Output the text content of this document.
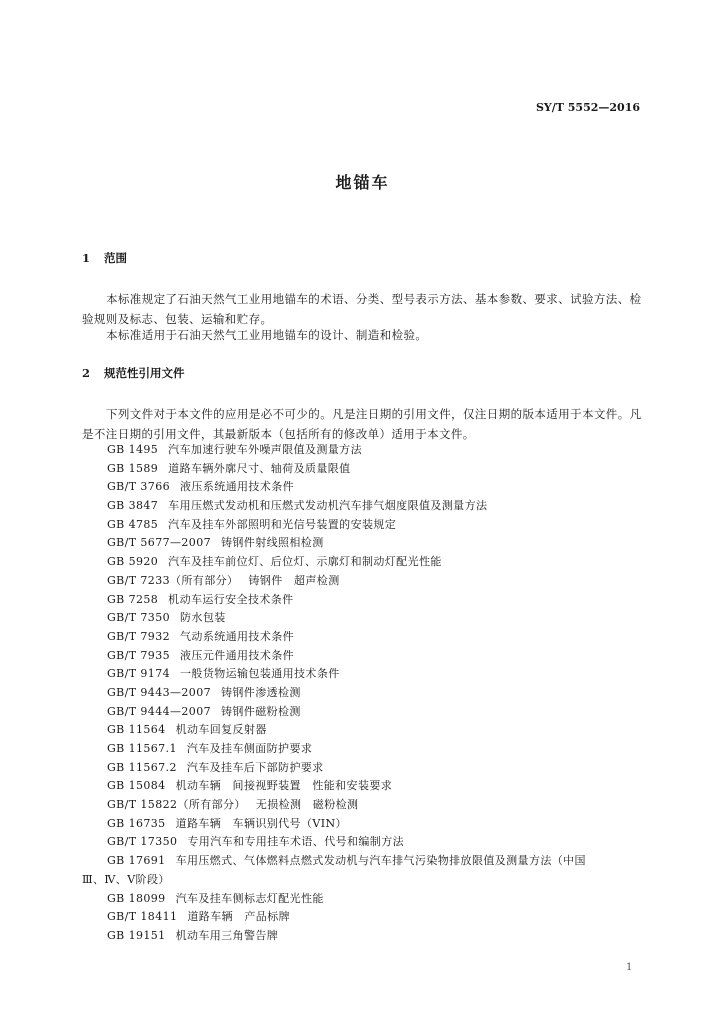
SY/T 5552—2016
地锚车
1 范围
本标准规定了石油天然气工业用地锚车的术语、分类、型号表示方法、基本参数、要求、试验方法、检验规则及标志、包装、运输和贮存。
本标准适用于石油天然气工业用地锚车的设计、制造和检验。
2 规范性引用文件
下列文件对于本文件的应用是必不可少的。凡是注日期的引用文件，仅注日期的版本适用于本文件。凡是不注日期的引用文件，其最新版本（包括所有的修改单）适用于本文件。
GB 1495 汽车加速行驶车外噪声限值及测量方法
GB 1589 道路车辆外廓尺寸、轴荷及质量限值
GB/T 3766 液压系统通用技术条件
GB 3847 车用压燃式发动机和压燃式发动机汽车排气烟度限值及测量方法
GB 4785 汽车及挂车外部照明和光信号装置的安装规定
GB/T 5677—2007 铸钢件射线照相检测
GB 5920 汽车及挂车前位灯、后位灯、示廓灯和制动灯配光性能
GB/T 7233（所有部分） 铸钢件　超声检测
GB 7258 机动车运行安全技术条件
GB/T 7350 防水包装
GB/T 7932 气动系统通用技术条件
GB/T 7935 液压元件通用技术条件
GB/T 9174 一般货物运输包装通用技术条件
GB/T 9443—2007 铸钢件渗透检测
GB/T 9444—2007 铸钢件磁粉检测
GB 11564 机动车回复反射器
GB 11567.1 汽车及挂车侧面防护要求
GB 11567.2 汽车及挂车后下部防护要求
GB 15084 机动车辆　间接视野装置　性能和安装要求
GB/T 15822（所有部分） 无损检测　磁粉检测
GB 16735 道路车辆　车辆识别代号（VIN）
GB/T 17350 专用汽车和专用挂车术语、代号和编制方法
GB 17691 车用压燃式、气体燃料点燃式发动机与汽车排气污染物排放限值及测量方法（中国
Ⅲ、Ⅳ、Ⅴ阶段）
GB 18099 汽车及挂车侧标志灯配光性能
GB/T 18411 道路车辆　产品标牌
GB 19151 机动车用三角警告牌
1
